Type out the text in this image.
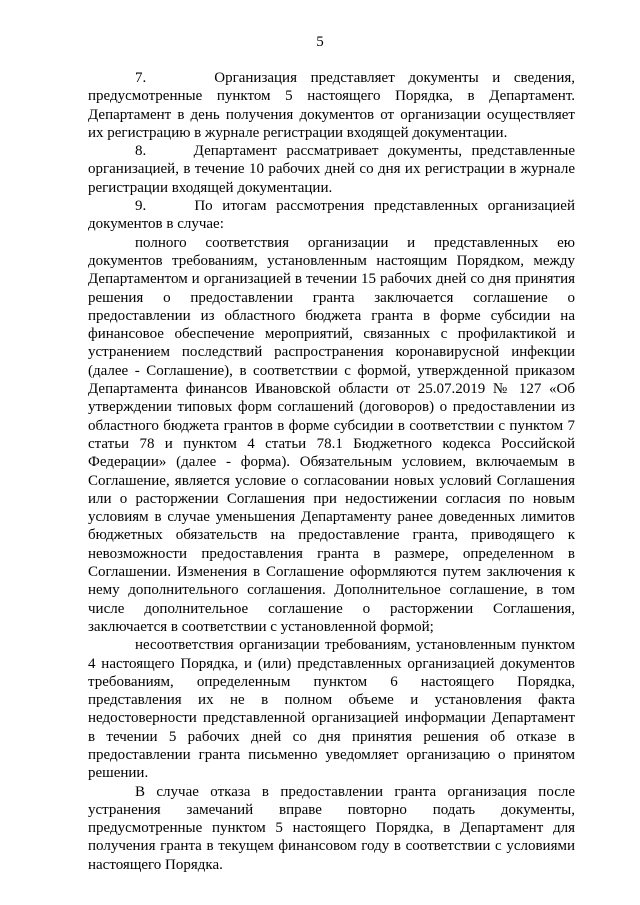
5

7.     Организация представляет документы и сведения, предусмотренные пунктом 5 настоящего Порядка, в Департамент. Департамент в день получения документов от организации осуществляет их регистрацию в журнале регистрации входящей документации.

8.     Департамент рассматривает документы, представленные организацией, в течение 10 рабочих дней со дня их регистрации в журнале регистрации входящей документации.

9.     По итогам рассмотрения представленных организацией документов в случае:

полного соответствия организации и представленных ею документов требованиям, установленным настоящим Порядком, между Департаментом и организацией в течении 15 рабочих дней со дня принятия решения о предоставлении гранта заключается соглашение о предоставлении из областного бюджета гранта в форме субсидии на финансовое обеспечение мероприятий, связанных с профилактикой и устранением последствий распространения коронавирусной инфекции (далее - Соглашение), в соответствии с формой, утвержденной приказом Департамента финансов Ивановской области от 25.07.2019 № 127 «Об утверждении типовых форм соглашений (договоров) о предоставлении из областного бюджета грантов в форме субсидии в соответствии с пунктом 7 статьи 78 и пунктом 4 статьи 78.1 Бюджетного кодекса Российской Федерации» (далее - форма). Обязательным условием, включаемым в Соглашение, является условие о согласовании новых условий Соглашения или о расторжении Соглашения при недостижении согласия по новым условиям в случае уменьшения Департаменту ранее доведенных лимитов бюджетных обязательств на предоставление гранта, приводящего к невозможности предоставления гранта в размере, определенном в Соглашении. Изменения в Соглашение оформляются путем заключения к нему дополнительного соглашения. Дополнительное соглашение, в том числе дополнительное соглашение о расторжении Соглашения, заключается в соответствии с установленной формой;

несоответствия организации требованиям, установленным пунктом 4 настоящего Порядка, и (или) представленных организацией документов требованиям, определенным пунктом 6 настоящего Порядка, представления их не в полном объеме и установления факта недостоверности представленной организацией информации Департамент в течении 5 рабочих дней со дня принятия решения об отказе в предоставлении гранта письменно уведомляет организацию о принятом решении.

В случае отказа в предоставлении гранта организация после устранения замечаний вправе повторно подать документы, предусмотренные пунктом 5 настоящего Порядка, в Департамент для получения гранта в текущем финансовом году в соответствии с условиями настоящего Порядка.
